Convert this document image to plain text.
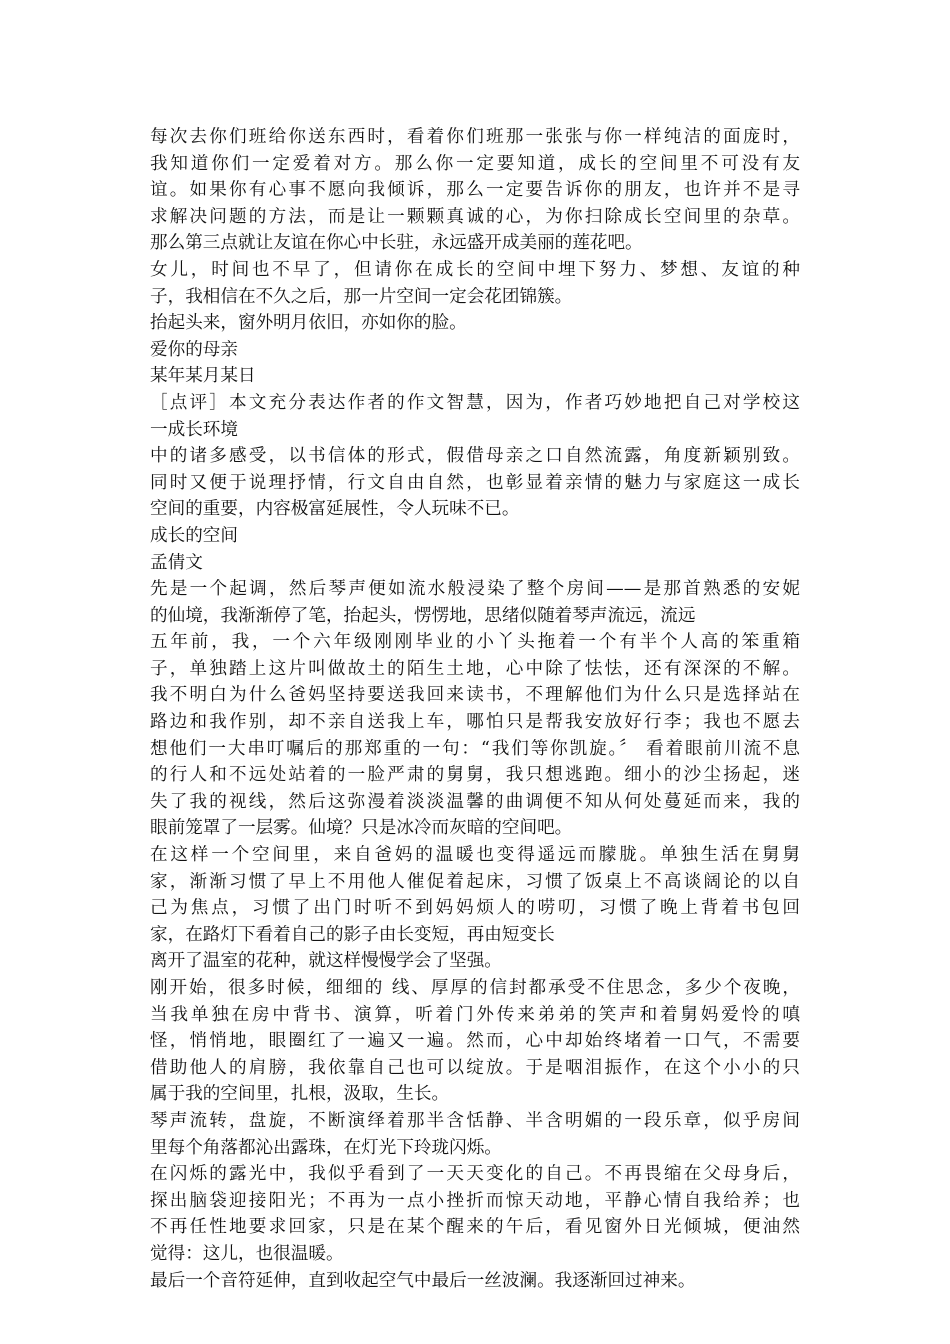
每次去你们班给你送东西时，看着你们班那一张张与你一样纯洁的面庞时，
我知道你们一定爱着对方。那么你一定要知道，成长的空间里不可没有友
谊。如果你有心事不愿向我倾诉，那么一定要告诉你的朋友，也许并不是寻
求解决问题的方法，而是让一颗颗真诚的心，为你扫除成长空间里的杂草。
那么第三点就让友谊在你心中长驻，永远盛开成美丽的莲花吧。
女儿，时间也不早了，但请你在成长的空间中埋下努力、梦想、友谊的种
子，我相信在不久之后，那一片空间一定会花团锦簇。
抬起头来，窗外明月依旧，亦如你的脸。
爱你的母亲
某年某月某日
［点评］本文充分表达作者的作文智慧，因为，作者巧妙地把自己对学校这
一成长环境
中的诸多感受，以书信体的形式，假借母亲之口自然流露，角度新颖别致。
同时又便于说理抒情，行文自由自然，也彰显着亲情的魅力与家庭这一成长
空间的重要，内容极富延展性，令人玩味不已。
成长的空间
孟倩文
先是一个起调，然后琴声便如流水般浸染了整个房间——是那首熟悉的安妮
的仙境，我渐渐停了笔，抬起头，愣愣地，思绪似随着琴声流远，流远
五年前，我，一个六年级刚刚毕业的小丫头拖着一个有半个人高的笨重箱
子，单独踏上这片叫做故土的陌生土地，心中除了怯怯，还有深深的不解。
我不明白为什么爸妈坚持要送我回来读书，不理解他们为什么只是选择站在
路边和我作别，却不亲自送我上车，哪怕只是帮我安放好行李；我也不愿去
想他们一大串叮嘱后的那郑重的一句：“我们等你凯旋。〞 看着眼前川流不息
的行人和不远处站着的一脸严肃的舅舅，我只想逃跑。细小的沙尘扬起，迷
失了我的视线，然后这弥漫着淡淡温馨的曲调便不知从何处蔓延而来，我的
眼前笼罩了一层雾。仙境？只是冰冷而灰暗的空间吧。
在这样一个空间里，来自爸妈的温暖也变得遥远而朦胧。单独生活在舅舅
家，渐渐习惯了早上不用他人催促着起床，习惯了饭桌上不高谈阔论的以自
己为焦点，习惯了出门时听不到妈妈烦人的唠叨，习惯了晚上背着书包回
家，在路灯下看着自己的影子由长变短，再由短变长
离开了温室的花种，就这样慢慢学会了坚强。
刚开始，很多时候，细细的 线、厚厚的信封都承受不住思念，多少个夜晚，
当我单独在房中背书、演算，听着门外传来弟弟的笑声和着舅妈爱怜的嗔
怪，悄悄地，眼圈红了一遍又一遍。然而，心中却始终堵着一口气，不需要
借助他人的肩膀，我依靠自己也可以绽放。于是咽泪振作，在这个小小的只
属于我的空间里，扎根，汲取，生长。
琴声流转，盘旋，不断演绎着那半含恬静、半含明媚的一段乐章，似乎房间
里每个角落都沁出露珠，在灯光下玲珑闪烁。
在闪烁的露光中，我似乎看到了一天天变化的自己。不再畏缩在父母身后，
探出脑袋迎接阳光；不再为一点小挫折而惊天动地，平静心情自我给养；也
不再任性地要求回家，只是在某个醒来的午后，看见窗外日光倾城，便油然
觉得：这儿，也很温暖。
最后一个音符延伸，直到收起空气中最后一丝波澜。我逐渐回过神来。
